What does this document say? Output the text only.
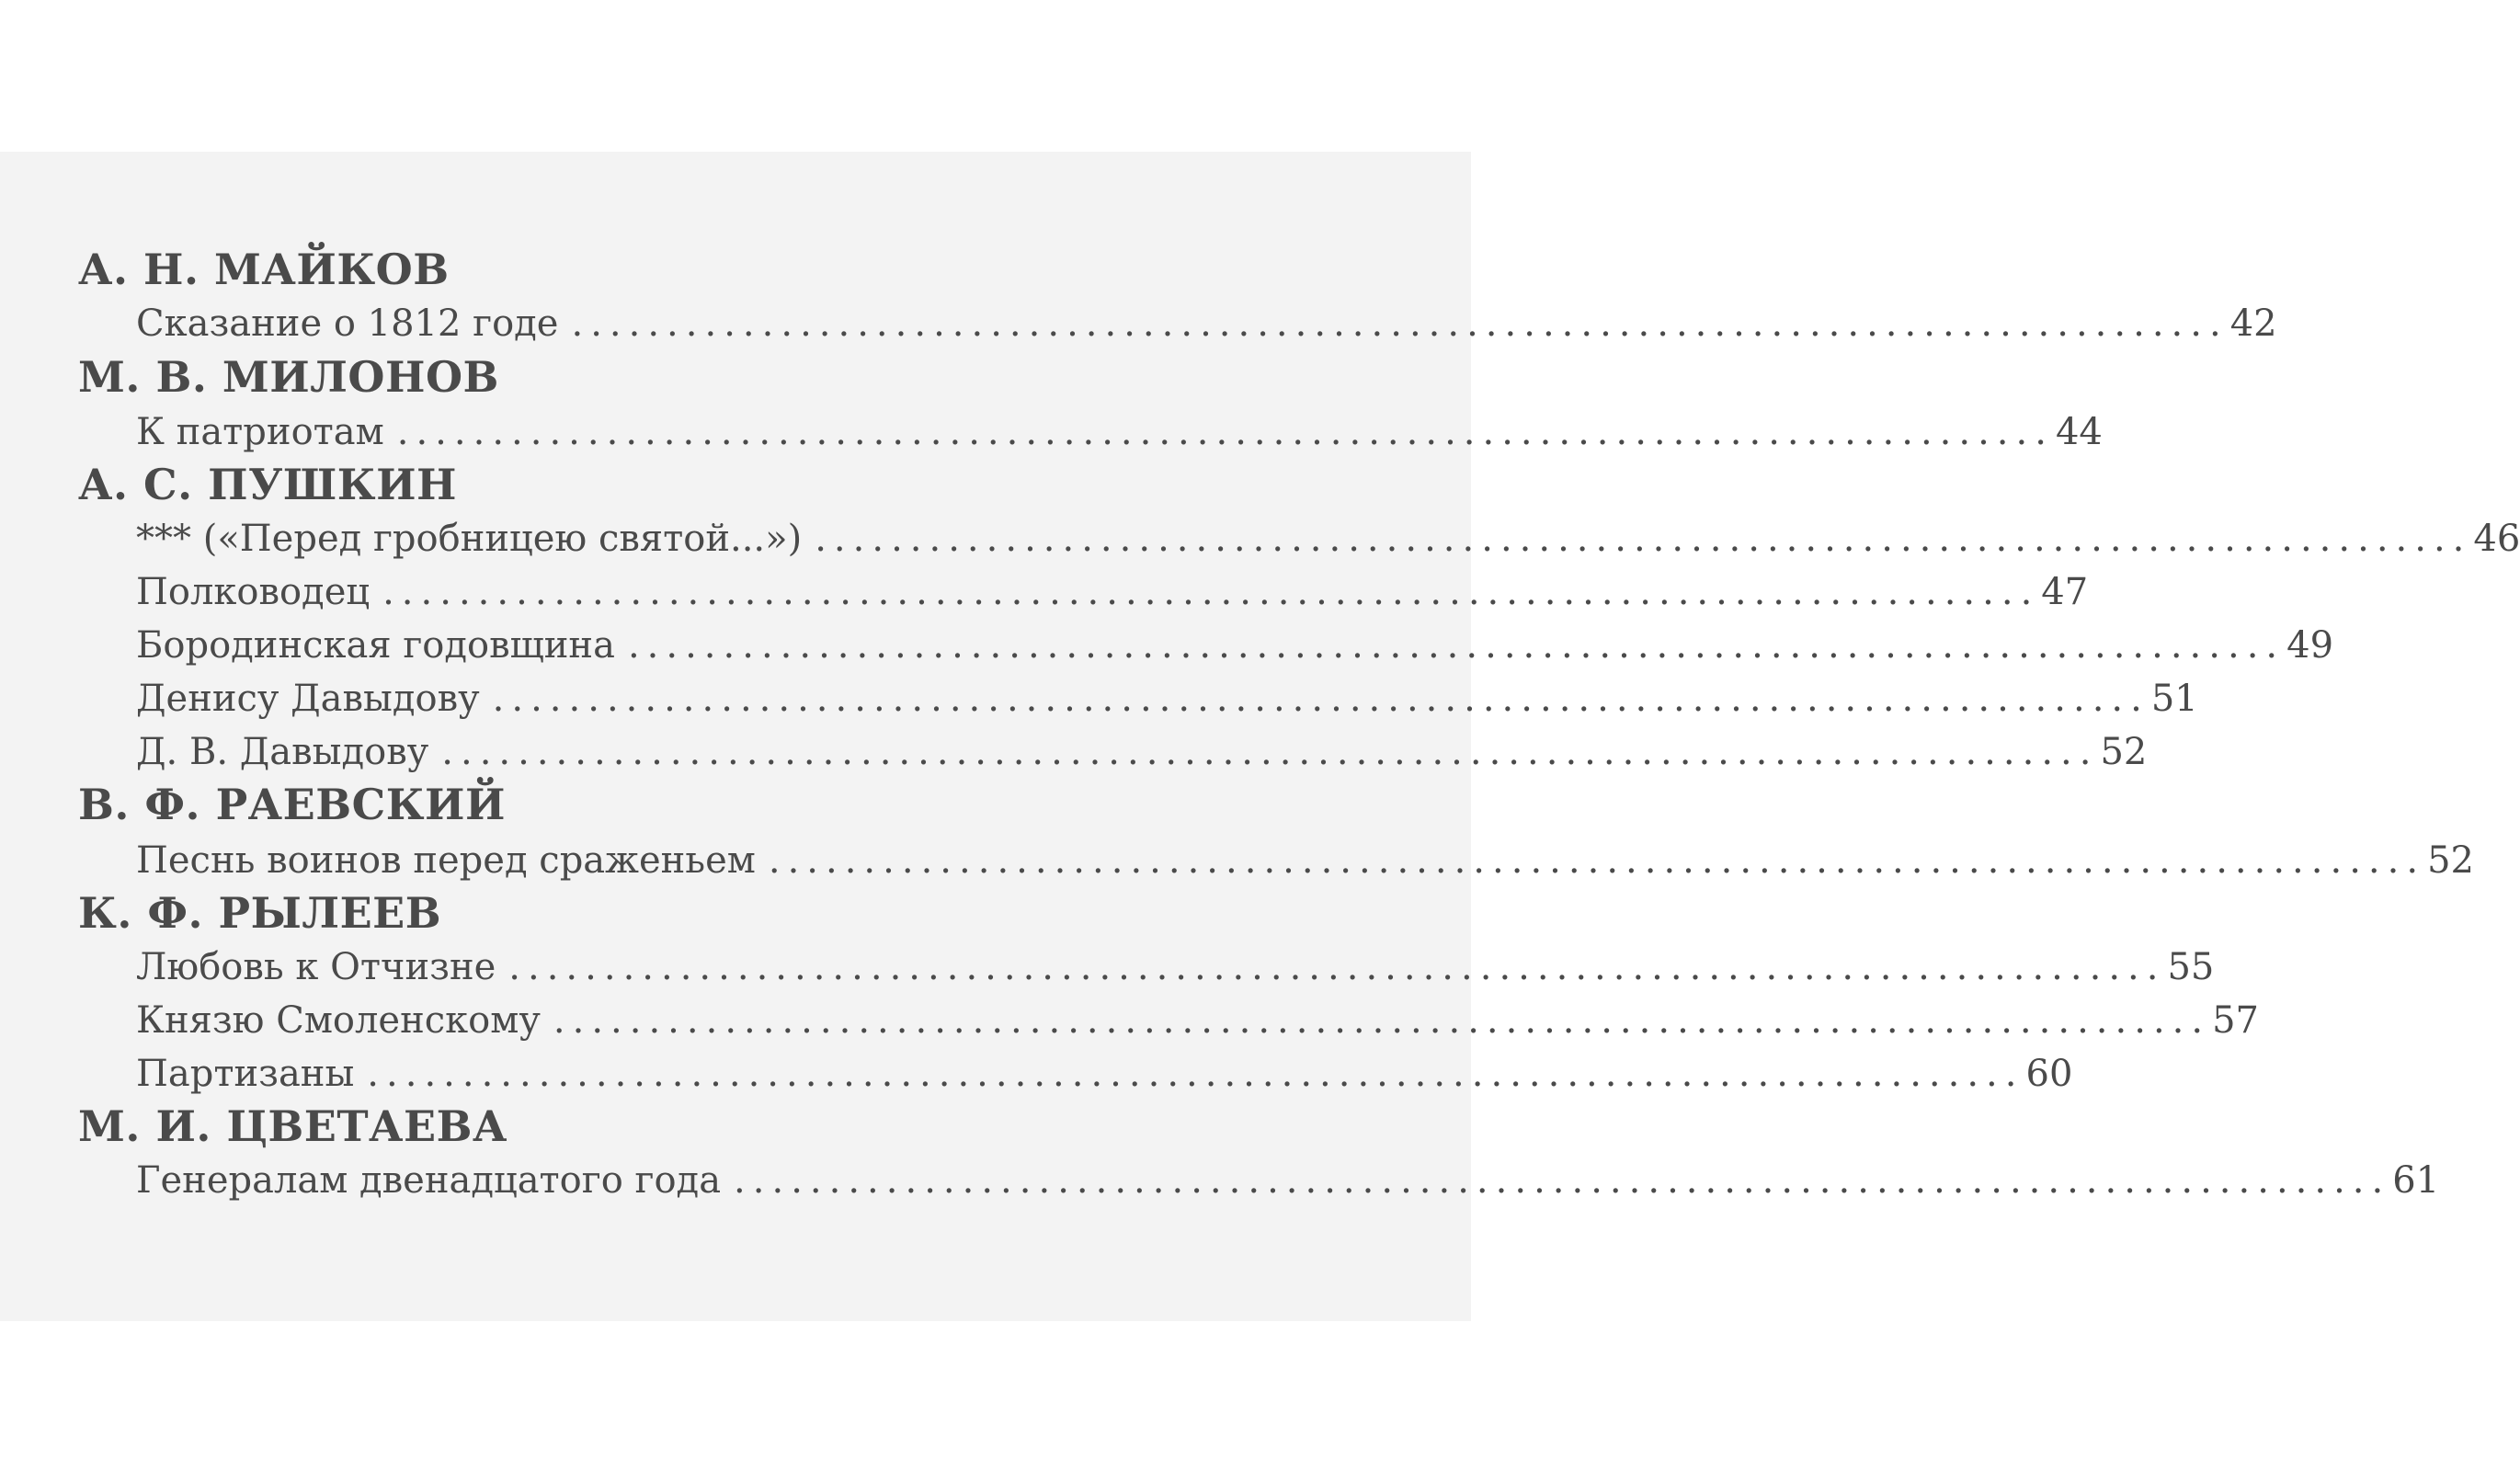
А. Н. МАЙКОВ
Сказание о 1812 годе ....................................................................................... 42
М. В. МИЛОНОВ
К патриотам ....................................................................................... 44
А. С. ПУШКИН
*** («Перед гробницею святой...») ....................................................................................... 46
Полководец ....................................................................................... 47
Бородинская годовщина ....................................................................................... 49
Денису Давыдову ....................................................................................... 51
Д. В. Давыдову ....................................................................................... 52
В. Ф. РАЕВСКИЙ
Песнь воинов перед сраженьем ....................................................................................... 52
К. Ф. РЫЛЕЕВ
Любовь к Отчизне ....................................................................................... 55
Князю Смоленскому ....................................................................................... 57
Партизаны ....................................................................................... 60
М. И. ЦВЕТАЕВА
Генералам двенадцатого года ....................................................................................... 61
